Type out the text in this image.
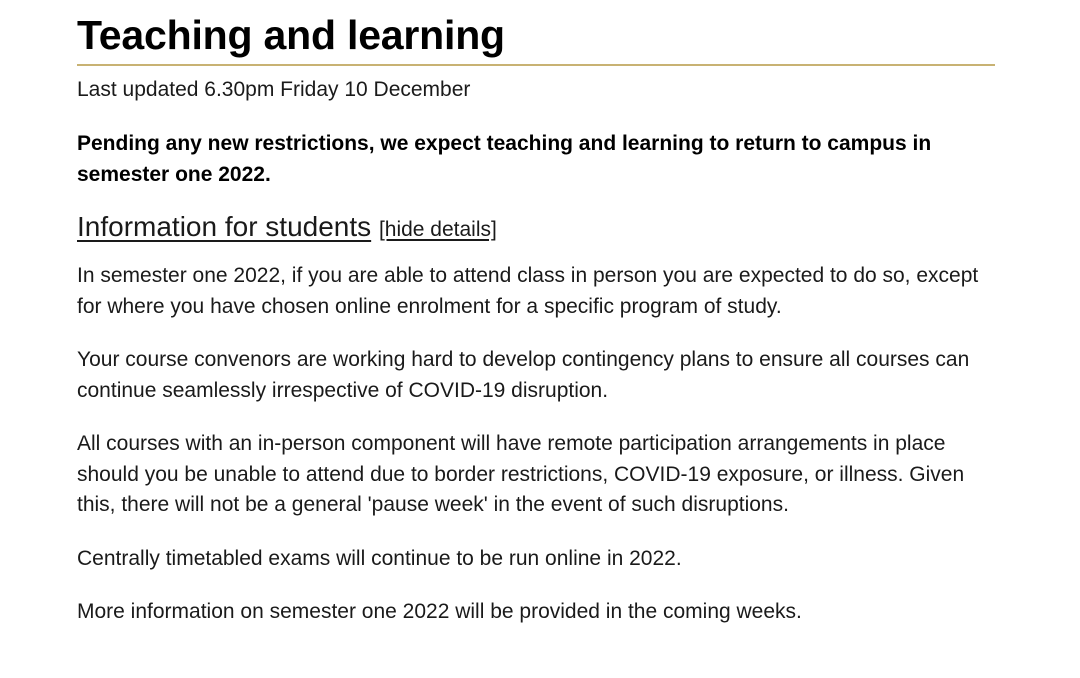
Teaching and learning

Last updated 6.30pm Friday 10 December

Pending any new restrictions, we expect teaching and learning to return to campus in semester one 2022.

Information for students [hide details]

In semester one 2022, if you are able to attend class in person you are expected to do so, except for where you have chosen online enrolment for a specific program of study.

Your course convenors are working hard to develop contingency plans to ensure all courses can continue seamlessly irrespective of COVID-19 disruption.

All courses with an in-person component will have remote participation arrangements in place should you be unable to attend due to border restrictions, COVID-19 exposure, or illness. Given this, there will not be a general 'pause week' in the event of such disruptions.

Centrally timetabled exams will continue to be run online in 2022.

More information on semester one 2022 will be provided in the coming weeks.
